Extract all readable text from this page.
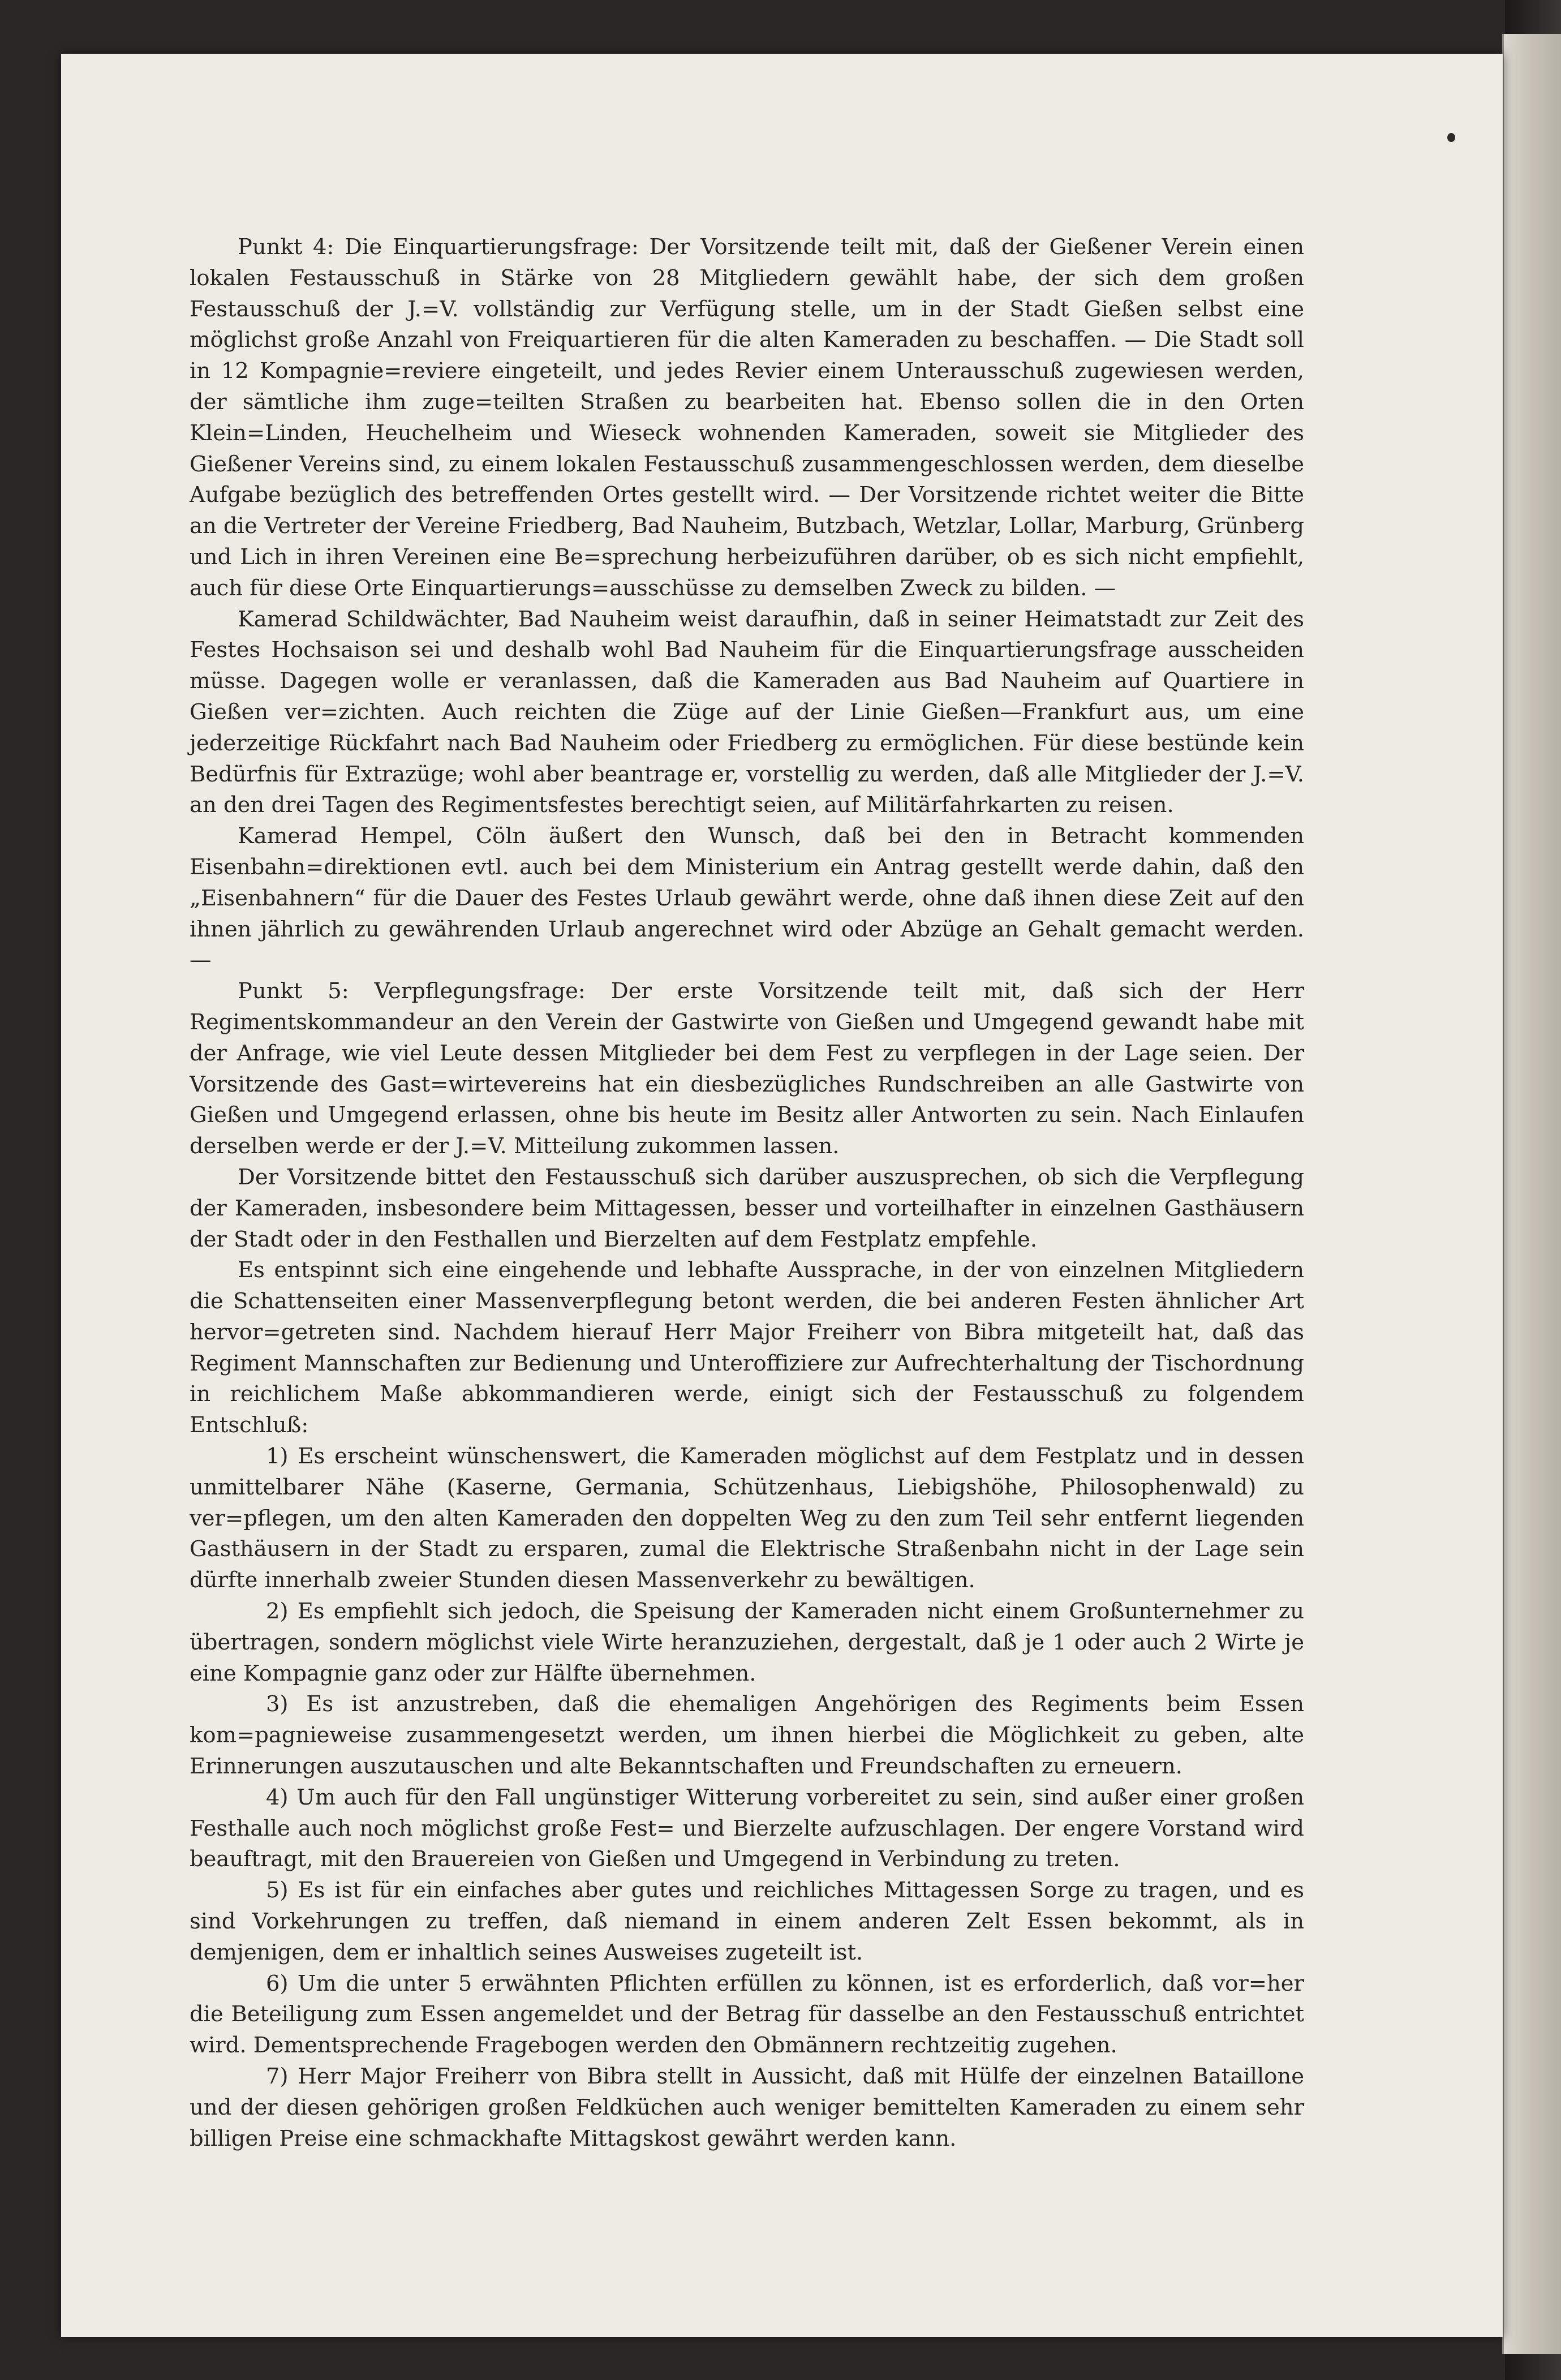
Punkt 4: Die Einquartierungsfrage: Der Vorsitzende teilt mit, daß der Gießener Verein einen lokalen Festausschuß in Stärke von 28 Mitgliedern gewählt habe, der sich dem großen Festausschuß der J.=V. vollständig zur Verfügung stelle, um in der Stadt Gießen selbst eine möglichst große Anzahl von Freiquartieren für die alten Kameraden zu beschaffen. — Die Stadt soll in 12 Kompagnie=reviere eingeteilt, und jedes Revier einem Unterausschuß zugewiesen werden, der sämtliche ihm zuge=teilten Straßen zu bearbeiten hat. Ebenso sollen die in den Orten Klein=Linden, Heuchelheim und Wieseck wohnenden Kameraden, soweit sie Mitglieder des Gießener Vereins sind, zu einem lokalen Festausschuß zusammengeschlossen werden, dem dieselbe Aufgabe bezüglich des betreffenden Ortes gestellt wird. — Der Vorsitzende richtet weiter die Bitte an die Vertreter der Vereine Friedberg, Bad Nauheim, Butzbach, Wetzlar, Lollar, Marburg, Grünberg und Lich in ihren Vereinen eine Be=sprechung herbeizuführen darüber, ob es sich nicht empfiehlt, auch für diese Orte Einquartierungs=ausschüsse zu demselben Zweck zu bilden. —

Kamerad Schildwächter, Bad Nauheim weist daraufhin, daß in seiner Heimatstadt zur Zeit des Festes Hochsaison sei und deshalb wohl Bad Nauheim für die Einquartierungsfrage ausscheiden müsse. Dagegen wolle er veranlassen, daß die Kameraden aus Bad Nauheim auf Quartiere in Gießen ver=zichten. Auch reichten die Züge auf der Linie Gießen—Frankfurt aus, um eine jederzeitige Rückfahrt nach Bad Nauheim oder Friedberg zu ermöglichen. Für diese bestünde kein Bedürfnis für Extrazüge; wohl aber beantrage er, vorstellig zu werden, daß alle Mitglieder der J.=V. an den drei Tagen des Regimentsfestes berechtigt seien, auf Militärfahrkarten zu reisen.

Kamerad Hempel, Cöln äußert den Wunsch, daß bei den in Betracht kommenden Eisenbahn=direktionen evtl. auch bei dem Ministerium ein Antrag gestellt werde dahin, daß den „Eisenbahnern“ für die Dauer des Festes Urlaub gewährt werde, ohne daß ihnen diese Zeit auf den ihnen jährlich zu gewährenden Urlaub angerechnet wird oder Abzüge an Gehalt gemacht werden. —

Punkt 5: Verpflegungsfrage: Der erste Vorsitzende teilt mit, daß sich der Herr Regimentskommandeur an den Verein der Gastwirte von Gießen und Umgegend gewandt habe mit der Anfrage, wie viel Leute dessen Mitglieder bei dem Fest zu verpflegen in der Lage seien. Der Vorsitzende des Gast=wirtevereins hat ein diesbezügliches Rundschreiben an alle Gastwirte von Gießen und Umgegend erlassen, ohne bis heute im Besitz aller Antworten zu sein. Nach Einlaufen derselben werde er der J.=V. Mitteilung zukommen lassen.

Der Vorsitzende bittet den Festausschuß sich darüber auszusprechen, ob sich die Verpflegung der Kameraden, insbesondere beim Mittagessen, besser und vorteilhafter in einzelnen Gasthäusern der Stadt oder in den Festhallen und Bierzelten auf dem Festplatz empfehle.

Es entspinnt sich eine eingehende und lebhafte Aussprache, in der von einzelnen Mitgliedern die Schattenseiten einer Massenverpflegung betont werden, die bei anderen Festen ähnlicher Art hervor=getreten sind. Nachdem hierauf Herr Major Freiherr von Bibra mitgeteilt hat, daß das Regiment Mannschaften zur Bedienung und Unteroffiziere zur Aufrechterhaltung der Tischordnung in reichlichem Maße abkommandieren werde, einigt sich der Festausschuß zu folgendem Entschluß:

1) Es erscheint wünschenswert, die Kameraden möglichst auf dem Festplatz und in dessen unmittelbarer Nähe (Kaserne, Germania, Schützenhaus, Liebigshöhe, Philosophenwald) zu ver=pflegen, um den alten Kameraden den doppelten Weg zu den zum Teil sehr entfernt liegenden Gasthäusern in der Stadt zu ersparen, zumal die Elektrische Straßenbahn nicht in der Lage sein dürfte innerhalb zweier Stunden diesen Massenverkehr zu bewältigen.

2) Es empfiehlt sich jedoch, die Speisung der Kameraden nicht einem Großunternehmer zu übertragen, sondern möglichst viele Wirte heranzuziehen, dergestalt, daß je 1 oder auch 2 Wirte je eine Kompagnie ganz oder zur Hälfte übernehmen.

3) Es ist anzustreben, daß die ehemaligen Angehörigen des Regiments beim Essen kom=pagnieweise zusammengesetzt werden, um ihnen hierbei die Möglichkeit zu geben, alte Erinnerungen auszutauschen und alte Bekanntschaften und Freundschaften zu erneuern.

4) Um auch für den Fall ungünstiger Witterung vorbereitet zu sein, sind außer einer großen Festhalle auch noch möglichst große Fest= und Bierzelte aufzuschlagen. Der engere Vorstand wird beauftragt, mit den Brauereien von Gießen und Umgegend in Verbindung zu treten.

5) Es ist für ein einfaches aber gutes und reichliches Mittagessen Sorge zu tragen, und es sind Vorkehrungen zu treffen, daß niemand in einem anderen Zelt Essen bekommt, als in demjenigen, dem er inhaltlich seines Ausweises zugeteilt ist.

6) Um die unter 5 erwähnten Pflichten erfüllen zu können, ist es erforderlich, daß vor=her die Beteiligung zum Essen angemeldet und der Betrag für dasselbe an den Festausschuß entrichtet wird. Dementsprechende Fragebogen werden den Obmännern rechtzeitig zugehen.

7) Herr Major Freiherr von Bibra stellt in Aussicht, daß mit Hülfe der einzelnen Bataillone und der diesen gehörigen großen Feldküchen auch weniger bemittelten Kameraden zu einem sehr billigen Preise eine schmackhafte Mittagskost gewährt werden kann.
